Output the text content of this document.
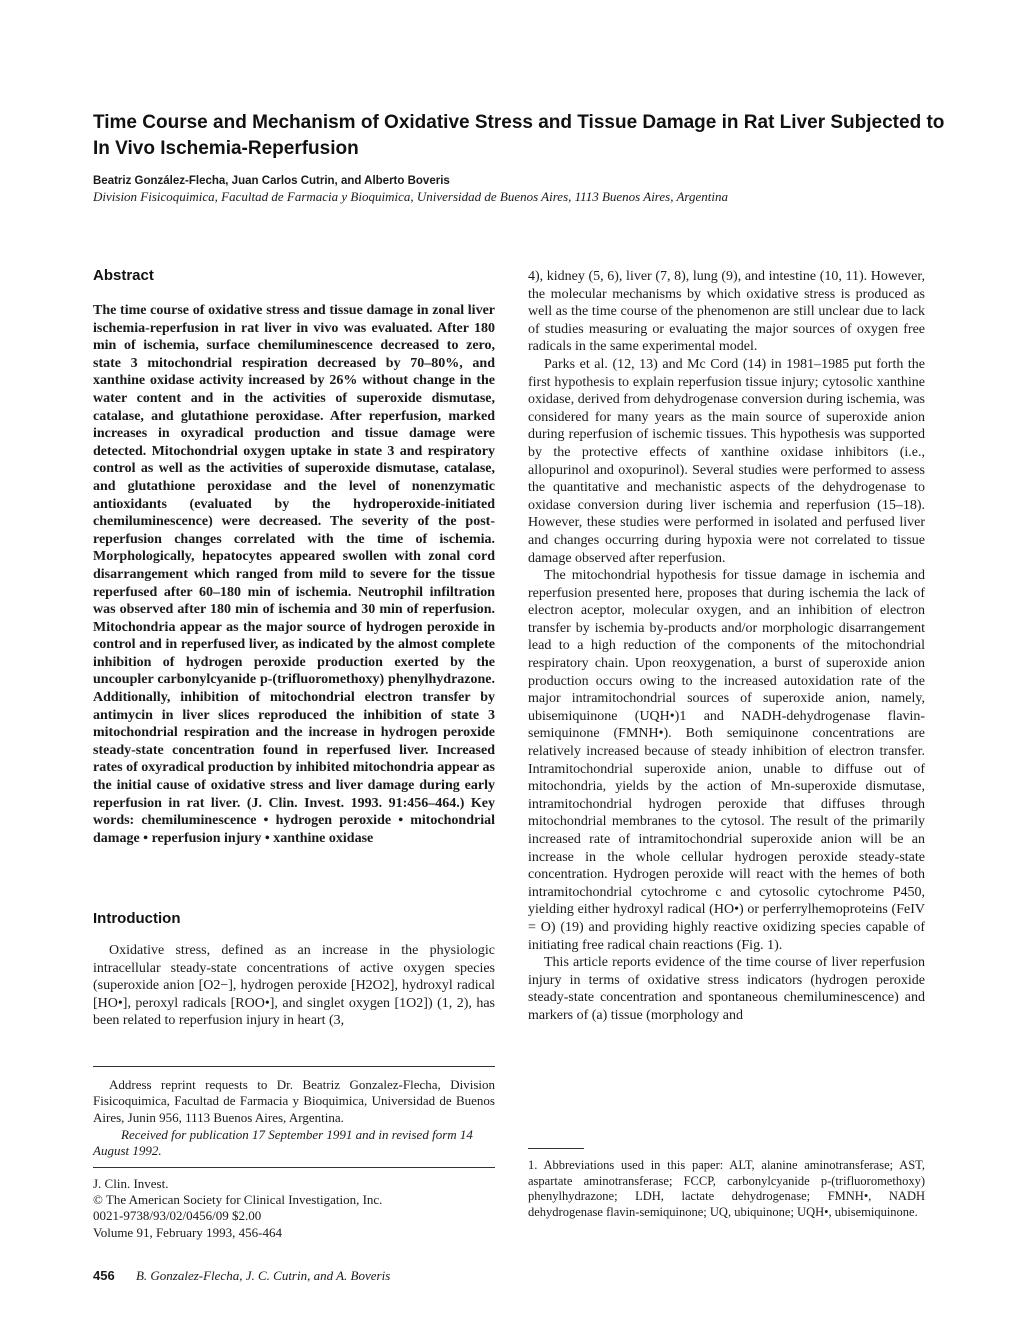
Time Course and Mechanism of Oxidative Stress and Tissue Damage in Rat Liver Subjected to In Vivo Ischemia-Reperfusion
Beatriz González-Flecha, Juan Carlos Cutrin, and Alberto Boveris
Division Fisicoquimica, Facultad de Farmacia y Bioquimica, Universidad de Buenos Aires, 1113 Buenos Aires, Argentina
Abstract
The time course of oxidative stress and tissue damage in zonal liver ischemia-reperfusion in rat liver in vivo was evaluated. After 180 min of ischemia, surface chemiluminescence decreased to zero, state 3 mitochondrial respiration decreased by 70–80%, and xanthine oxidase activity increased by 26% without change in the water content and in the activities of superoxide dismutase, catalase, and glutathione peroxidase. After reperfusion, marked increases in oxyradical production and tissue damage were detected. Mitochondrial oxygen uptake in state 3 and respiratory control as well as the activities of superoxide dismutase, catalase, and glutathione peroxidase and the level of nonenzymatic antioxidants (evaluated by the hydroperoxide-initiated chemiluminescence) were decreased. The severity of the post-reperfusion changes correlated with the time of ischemia. Morphologically, hepatocytes appeared swollen with zonal cord disarrangement which ranged from mild to severe for the tissue reperfused after 60–180 min of ischemia. Neutrophil infiltration was observed after 180 min of ischemia and 30 min of reperfusion. Mitochondria appear as the major source of hydrogen peroxide in control and in reperfused liver, as indicated by the almost complete inhibition of hydrogen peroxide production exerted by the uncoupler carbonylcyanide p-(trifluoromethoxy) phenylhydrazone. Additionally, inhibition of mitochondrial electron transfer by antimycin in liver slices reproduced the inhibition of state 3 mitochondrial respiration and the increase in hydrogen peroxide steady-state concentration found in reperfused liver. Increased rates of oxyradical production by inhibited mitochondria appear as the initial cause of oxidative stress and liver damage during early reperfusion in rat liver. (J. Clin. Invest. 1993. 91:456–464.) Key words: chemiluminescence • hydrogen peroxide • mitochondrial damage • reperfusion injury • xanthine oxidase
Introduction
Oxidative stress, defined as an increase in the physiologic intracellular steady-state concentrations of active oxygen species (superoxide anion [O2−], hydrogen peroxide [H2O2], hydroxyl radical [HO•], peroxyl radicals [ROO•], and singlet oxygen [1O2]) (1, 2), has been related to reperfusion injury in heart (3,

4), kidney (5, 6), liver (7, 8), lung (9), and intestine (10, 11). However, the molecular mechanisms by which oxidative stress is produced as well as the time course of the phenomenon are still unclear due to lack of studies measuring or evaluating the major sources of oxygen free radicals in the same experimental model.

Parks et al. (12, 13) and Mc Cord (14) in 1981–1985 put forth the first hypothesis to explain reperfusion tissue injury; cytosolic xanthine oxidase, derived from dehydrogenase conversion during ischemia, was considered for many years as the main source of superoxide anion during reperfusion of ischemic tissues. This hypothesis was supported by the protective effects of xanthine oxidase inhibitors (i.e., allopurinol and oxopurinol). Several studies were performed to assess the quantitative and mechanistic aspects of the dehydrogenase to oxidase conversion during liver ischemia and reperfusion (15–18). However, these studies were performed in isolated and perfused liver and changes occurring during hypoxia were not correlated to tissue damage observed after reperfusion.

The mitochondrial hypothesis for tissue damage in ischemia and reperfusion presented here, proposes that during ischemia the lack of electron aceptor, molecular oxygen, and an inhibition of electron transfer by ischemia by-products and/or morphologic disarrangement lead to a high reduction of the components of the mitochondrial respiratory chain. Upon reoxygenation, a burst of superoxide anion production occurs owing to the increased autoxidation rate of the major intramitochondrial sources of superoxide anion, namely, ubisemiquinone (UQH•)1 and NADH-dehydrogenase flavin-semiquinone (FMNH•). Both semiquinone concentrations are relatively increased because of steady inhibition of electron transfer. Intramitochondrial superoxide anion, unable to diffuse out of mitochondria, yields by the action of Mn-superoxide dismutase, intramitochondrial hydrogen peroxide that diffuses through mitochondrial membranes to the cytosol. The result of the primarily increased rate of intramitochondrial superoxide anion will be an increase in the whole cellular hydrogen peroxide steady-state concentration. Hydrogen peroxide will react with the hemes of both intramitochondrial cytochrome c and cytosolic cytochrome P450, yielding either hydroxyl radical (HO•) or perferrylhemoproteins (FeIV = O) (19) and providing highly reactive oxidizing species capable of initiating free radical chain reactions (Fig. 1).

This article reports evidence of the time course of liver reperfusion injury in terms of oxidative stress indicators (hydrogen peroxide steady-state concentration and spontaneous chemiluminescence) and markers of (a) tissue (morphology and

Address reprint requests to Dr. Beatriz Gonzalez-Flecha, Division Fisicoquimica, Facultad de Farmacia y Bioquimica, Universidad de Buenos Aires, Junin 956, 1113 Buenos Aires, Argentina.
Received for publication 17 September 1991 and in revised form 14 August 1992.
J. Clin. Invest.
© The American Society for Clinical Investigation, Inc.
0021-9738/93/02/0456/09 $2.00
Volume 91, February 1993, 456-464
1. Abbreviations used in this paper: ALT, alanine aminotransferase; AST, aspartate aminotransferase; FCCP, carbonylcyanide p-(trifluoromethoxy) phenylhydrazone; LDH, lactate dehydrogenase; FMNH•, NADH dehydrogenase flavin-semiquinone; UQ, ubiquinone; UQH•, ubisemiquinone.
456 B. Gonzalez-Flecha, J. C. Cutrin, and A. Boveris
